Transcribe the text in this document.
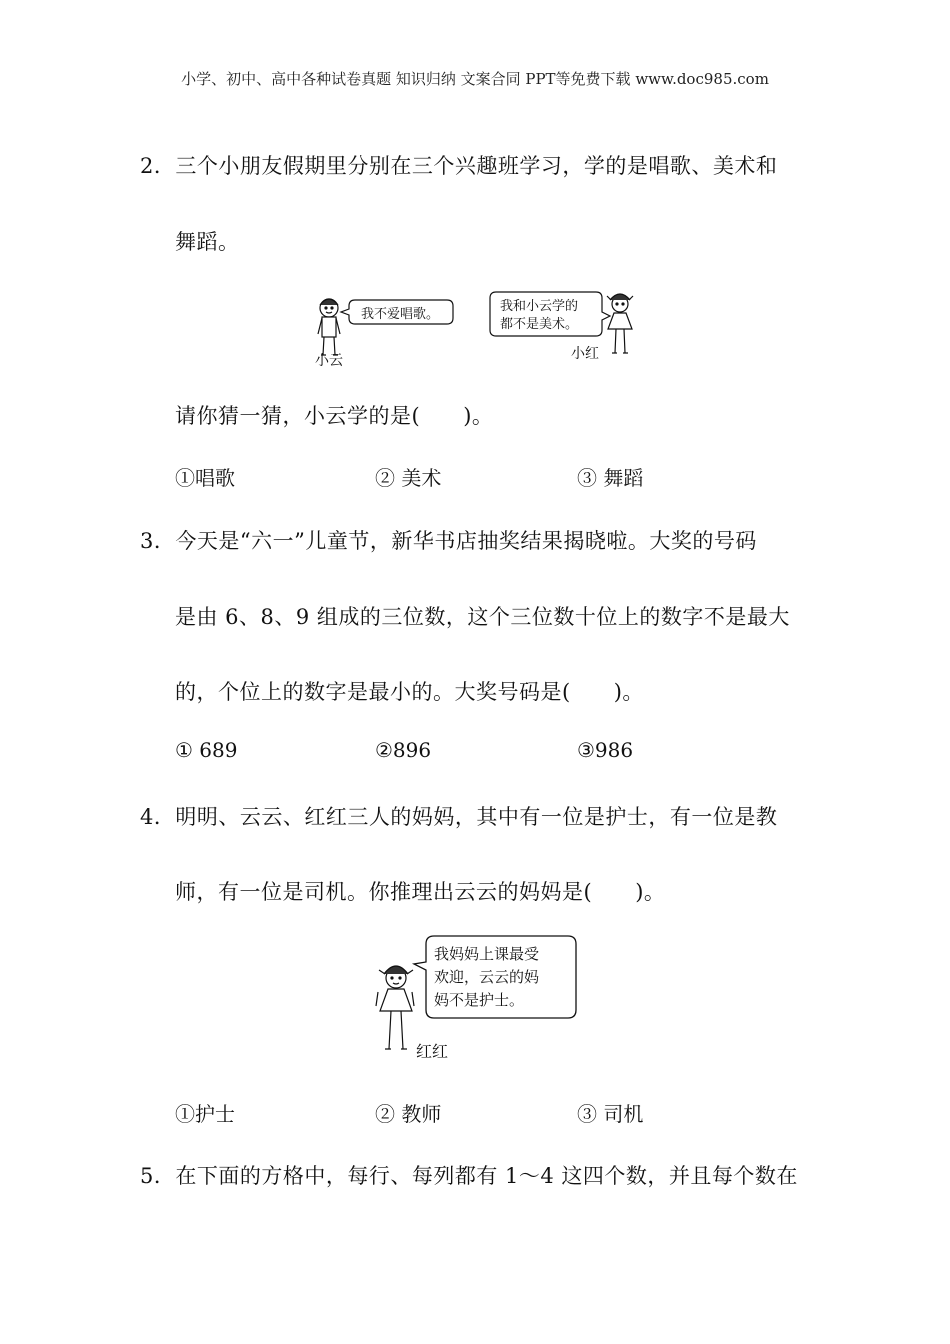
小学、初中、高中各种试卷真题 知识归纳 文案合同 PPT等免费下载 www.doc985.com
2．三个小朋友假期里分别在三个兴趣班学习，学的是唱歌、美术和
舞蹈。
我不爱唱歌。
小云
我和小云学的
都不是美术。
小红
请你猜一猜，小云学的是(　　)。
①唱歌	② 美术	③ 舞蹈
3．今天是“六一”儿童节，新华书店抽奖结果揭晓啦。大奖的号码
是由 6、8、9 组成的三位数，这个三位数十位上的数字不是最大
的，个位上的数字是最小的。大奖号码是(　　)。
① 689	②896	③986
4．明明、云云、红红三人的妈妈，其中有一位是护士，有一位是教
师，有一位是司机。你推理出云云的妈妈是(　　)。
我妈妈上课最受
欢迎，云云的妈
妈不是护士。
红红
①护士	② 教师	③ 司机
5．在下面的方格中，每行、每列都有 1～4 这四个数，并且每个数在
